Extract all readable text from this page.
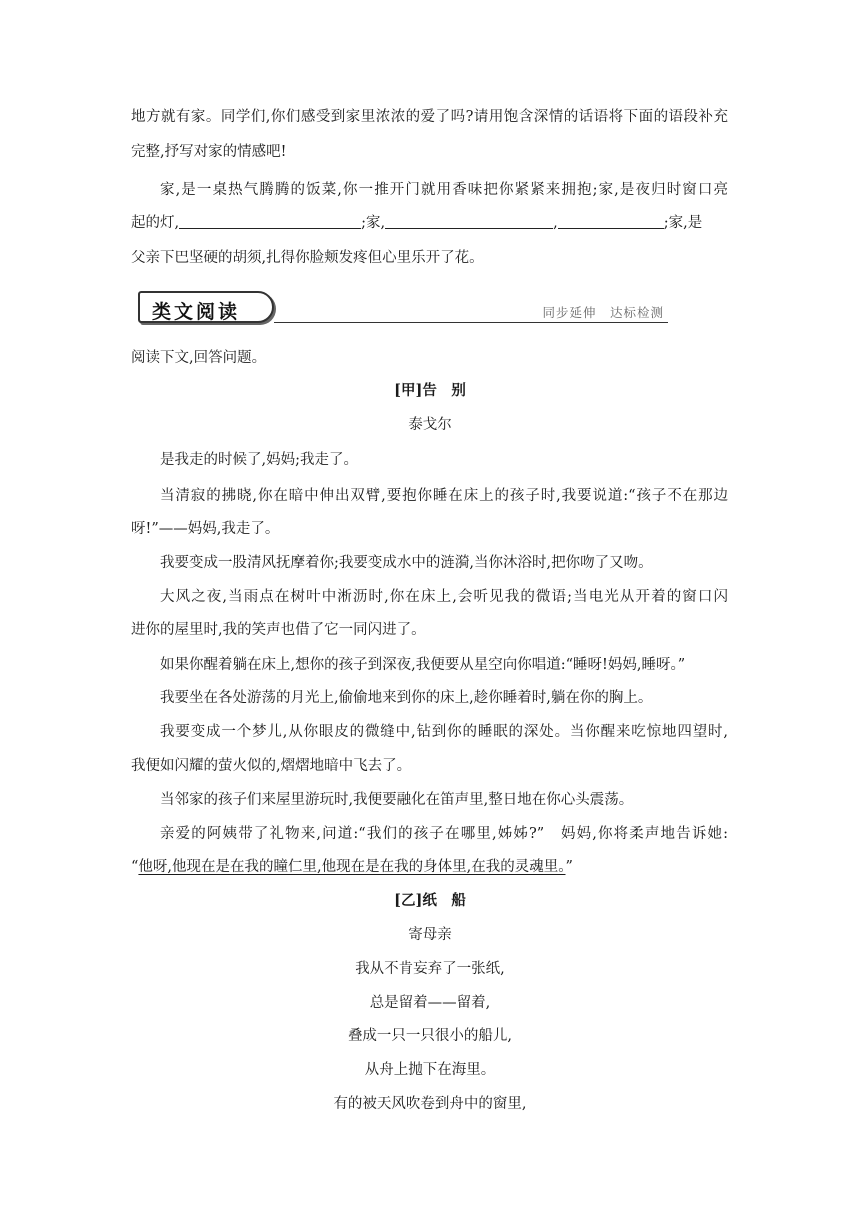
地方就有家。同学们,你们感受到家里浓浓的爱了吗?请用饱含深情的话语将下面的语段补充
完整,抒写对家的情感吧!
家,是一桌热气腾腾的饭菜,你一推开门就用香味把你紧紧来拥抱;家,是夜归时窗口亮
起的灯,	;家,	,	;家,是
父亲下巴坚硬的胡须,扎得你脸颊发疼但心里乐开了花。
类文阅读	同步延伸　达标检测
阅读下文,回答问题。
[甲]告　别
泰戈尔
是我走的时候了,妈妈;我走了。
当清寂的拂晓,你在暗中伸出双臂,要抱你睡在床上的孩子时,我要说道:“孩子不在那边
呀!”——妈妈,我走了。
我要变成一股清风抚摩着你;我要变成水中的涟漪,当你沐浴时,把你吻了又吻。
大风之夜,当雨点在树叶中淅沥时,你在床上,会听见我的微语;当电光从开着的窗口闪
进你的屋里时,我的笑声也借了它一同闪进了。
如果你醒着躺在床上,想你的孩子到深夜,我便要从星空向你唱道:“睡呀!妈妈,睡呀。”
我要坐在各处游荡的月光上,偷偷地来到你的床上,趁你睡着时,躺在你的胸上。
我要变成一个梦儿,从你眼皮的微缝中,钻到你的睡眠的深处。当你醒来吃惊地四望时,
我便如闪耀的萤火似的,熠熠地暗中飞去了。
当邻家的孩子们来屋里游玩时,我便要融化在笛声里,整日地在你心头震荡。
亲爱的阿姨带了礼物来,问道:“我们的孩子在哪里,姊姊?”　妈妈,你将柔声地告诉她:
“他呀,他现在是在我的瞳仁里,他现在是在我的身体里,在我的灵魂里。”
[乙]纸　船
寄母亲
我从不肯妄弃了一张纸,
总是留着——留着,
叠成一只一只很小的船儿,
从舟上抛下在海里。
有的被天风吹卷到舟中的窗里,
